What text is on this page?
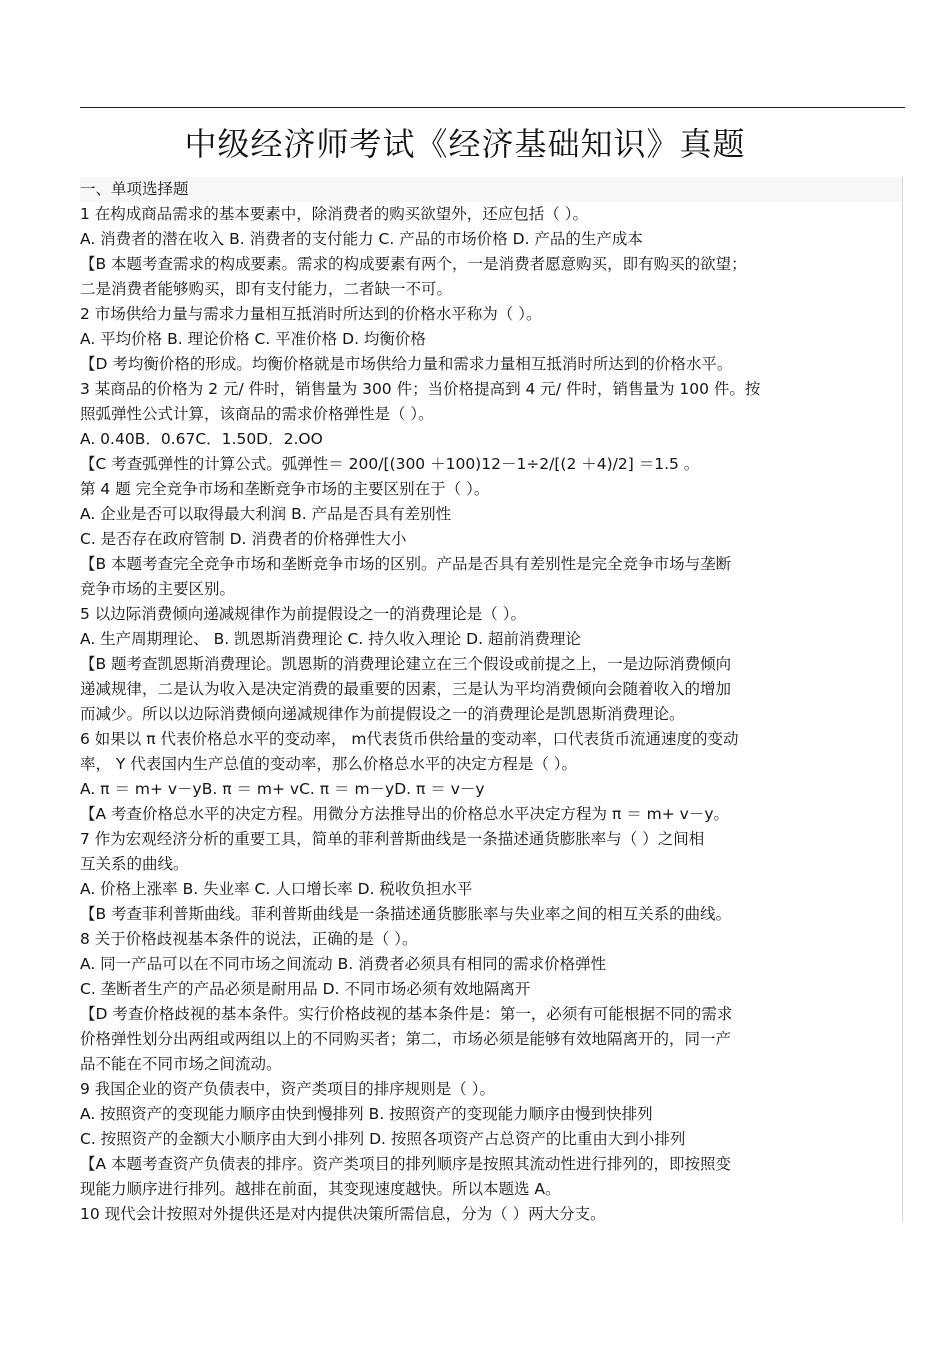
中级经济师考试《经济基础知识》真题
一、单项选择题
1 在构成商品需求的基本要素中，除消费者的购买欲望外，还应包括（ ）。
A. 消费者的潜在收入 B. 消费者的支付能力 C. 产品的市场价格 D. 产品的生产成本
【B 本题考查需求的构成要素。需求的构成要素有两个，一是消费者愿意购买，即有购买的欲望；
二是消费者能够购买，即有支付能力，二者缺一不可。
2 市场供给力量与需求力量相互抵消时所达到的价格水平称为（ ）。
A. 平均价格 B. 理论价格 C. 平准价格 D. 均衡价格
【D 考均衡价格的形成。均衡价格就是市场供给力量和需求力量相互抵消时所达到的价格水平。
3 某商品的价格为 2 元/ 件时，销售量为 300 件；当价格提高到 4 元/ 件时，销售量为 100 件。按
照弧弹性公式计算，该商品的需求价格弹性是（ ）。
A. 0.40B．0.67C．1.50D．2.OO
【C 考查弧弹性的计算公式。弧弹性＝ 200/[(300 ＋100)12－1÷2/[(2 ＋4)/2] ＝1.5 。
第 4 题 完全竞争市场和垄断竞争市场的主要区别在于（ ）。
A. 企业是否可以取得最大利润 B. 产品是否具有差别性
C. 是否存在政府管制 D. 消费者的价格弹性大小
【B 本题考查完全竞争市场和垄断竞争市场的区别。产品是否具有差别性是完全竞争市场与垄断
竞争市场的主要区别。
5 以边际消费倾向递减规律作为前提假设之一的消费理论是（ ）。
A. 生产周期理论、 B. 凯恩斯消费理论 C. 持久收入理论 D. 超前消费理论
【B 题考查凯恩斯消费理论。凯恩斯的消费理论建立在三个假设或前提之上，一是边际消费倾向
递减规律，二是认为收入是决定消费的最重要的因素，三是认为平均消费倾向会随着收入的增加
而减少。所以以边际消费倾向递减规律作为前提假设之一的消费理论是凯恩斯消费理论。
6 如果以 π 代表价格总水平的变动率， m代表货币供给量的变动率，口代表货币流通速度的变动
率， Y 代表国内生产总值的变动率，那么价格总水平的决定方程是（ ）。
A. π ＝ m+ v－yB. π ＝ m+ vC. π ＝ m－yD. π ＝ v－y
【A 考查价格总水平的决定方程。用微分方法推导出的价格总水平决定方程为 π ＝ m+ v－y。
7 作为宏观经济分析的重要工具，简单的菲利普斯曲线是一条描述通货膨胀率与（ ）之间相
互关系的曲线。
A. 价格上涨率 B. 失业率 C. 人口增长率 D. 税收负担水平
【B 考查菲利普斯曲线。菲利普斯曲线是一条描述通货膨胀率与失业率之间的相互关系的曲线。
8 关于价格歧视基本条件的说法，正确的是（ ）。
A. 同一产品可以在不同市场之间流动 B. 消费者必须具有相同的需求价格弹性
C. 垄断者生产的产品必须是耐用品 D. 不同市场必须有效地隔离开
【D 考查价格歧视的基本条件。实行价格歧视的基本条件是：第一，必须有可能根据不同的需求
价格弹性划分出两组或两组以上的不同购买者；第二，市场必须是能够有效地隔离开的，同一产
品不能在不同市场之间流动。
9 我国企业的资产负债表中，资产类项目的排序规则是（ ）。
A. 按照资产的变现能力顺序由快到慢排列 B. 按照资产的变现能力顺序由慢到快排列
C. 按照资产的金额大小顺序由大到小排列 D. 按照各项资产占总资产的比重由大到小排列
【A 本题考查资产负债表的排序。资产类项目的排列顺序是按照其流动性进行排列的，即按照变
现能力顺序进行排列。越排在前面，其变现速度越快。所以本题选 A。
10 现代会计按照对外提供还是对内提供决策所需信息，分为（ ）两大分支。
